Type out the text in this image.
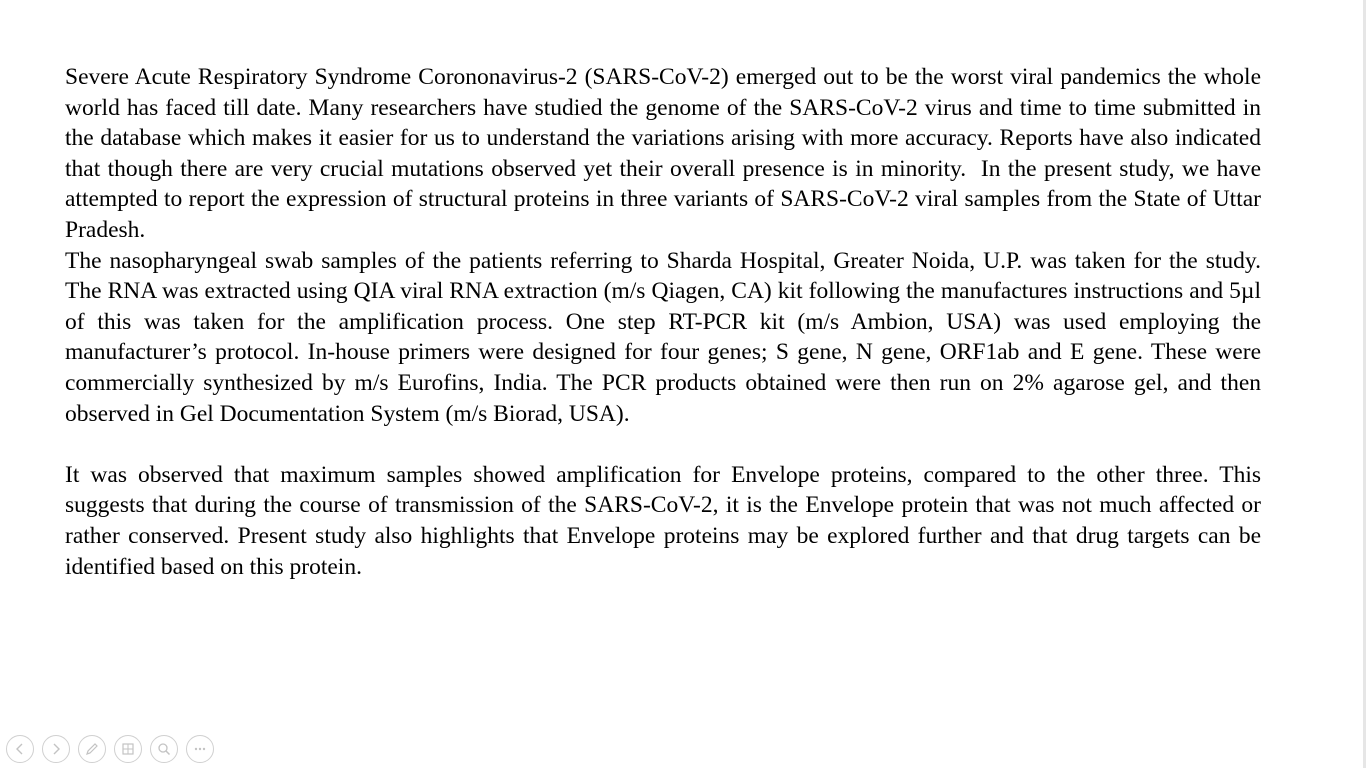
Severe Acute Respiratory Syndrome Corononavirus-2 (SARS-CoV-2) emerged out to be the worst viral pandemics the whole world has faced till date. Many researchers have studied the genome of the SARS-CoV-2 virus and time to time submitted in the database which makes it easier for us to understand the variations arising with more accuracy. Reports have also indicated that though there are very crucial mutations observed yet their overall presence is in minority.  In the present study, we have attempted to report the expression of structural proteins in three variants of SARS-CoV-2 viral samples from the State of Uttar Pradesh.

The nasopharyngeal swab samples of the patients referring to Sharda Hospital, Greater Noida, U.P. was taken for the study. The RNA was extracted using QIA viral RNA extraction (m/s Qiagen, CA) kit following the manufactures instructions and 5µl of this was taken for the amplification process. One step RT-PCR kit (m/s Ambion, USA) was used employing the manufacturer’s protocol. In-house primers were designed for four genes; S gene, N gene, ORF1ab and E gene. These were commercially synthesized by m/s Eurofins, India. The PCR products obtained were then run on 2% agarose gel, and then observed in Gel Documentation System (m/s Biorad, USA).

It was observed that maximum samples showed amplification for Envelope proteins, compared to the other three. This suggests that during the course of transmission of the SARS-CoV-2, it is the Envelope protein that was not much affected or rather conserved. Present study also highlights that Envelope proteins may be explored further and that drug targets can be identified based on this protein.
